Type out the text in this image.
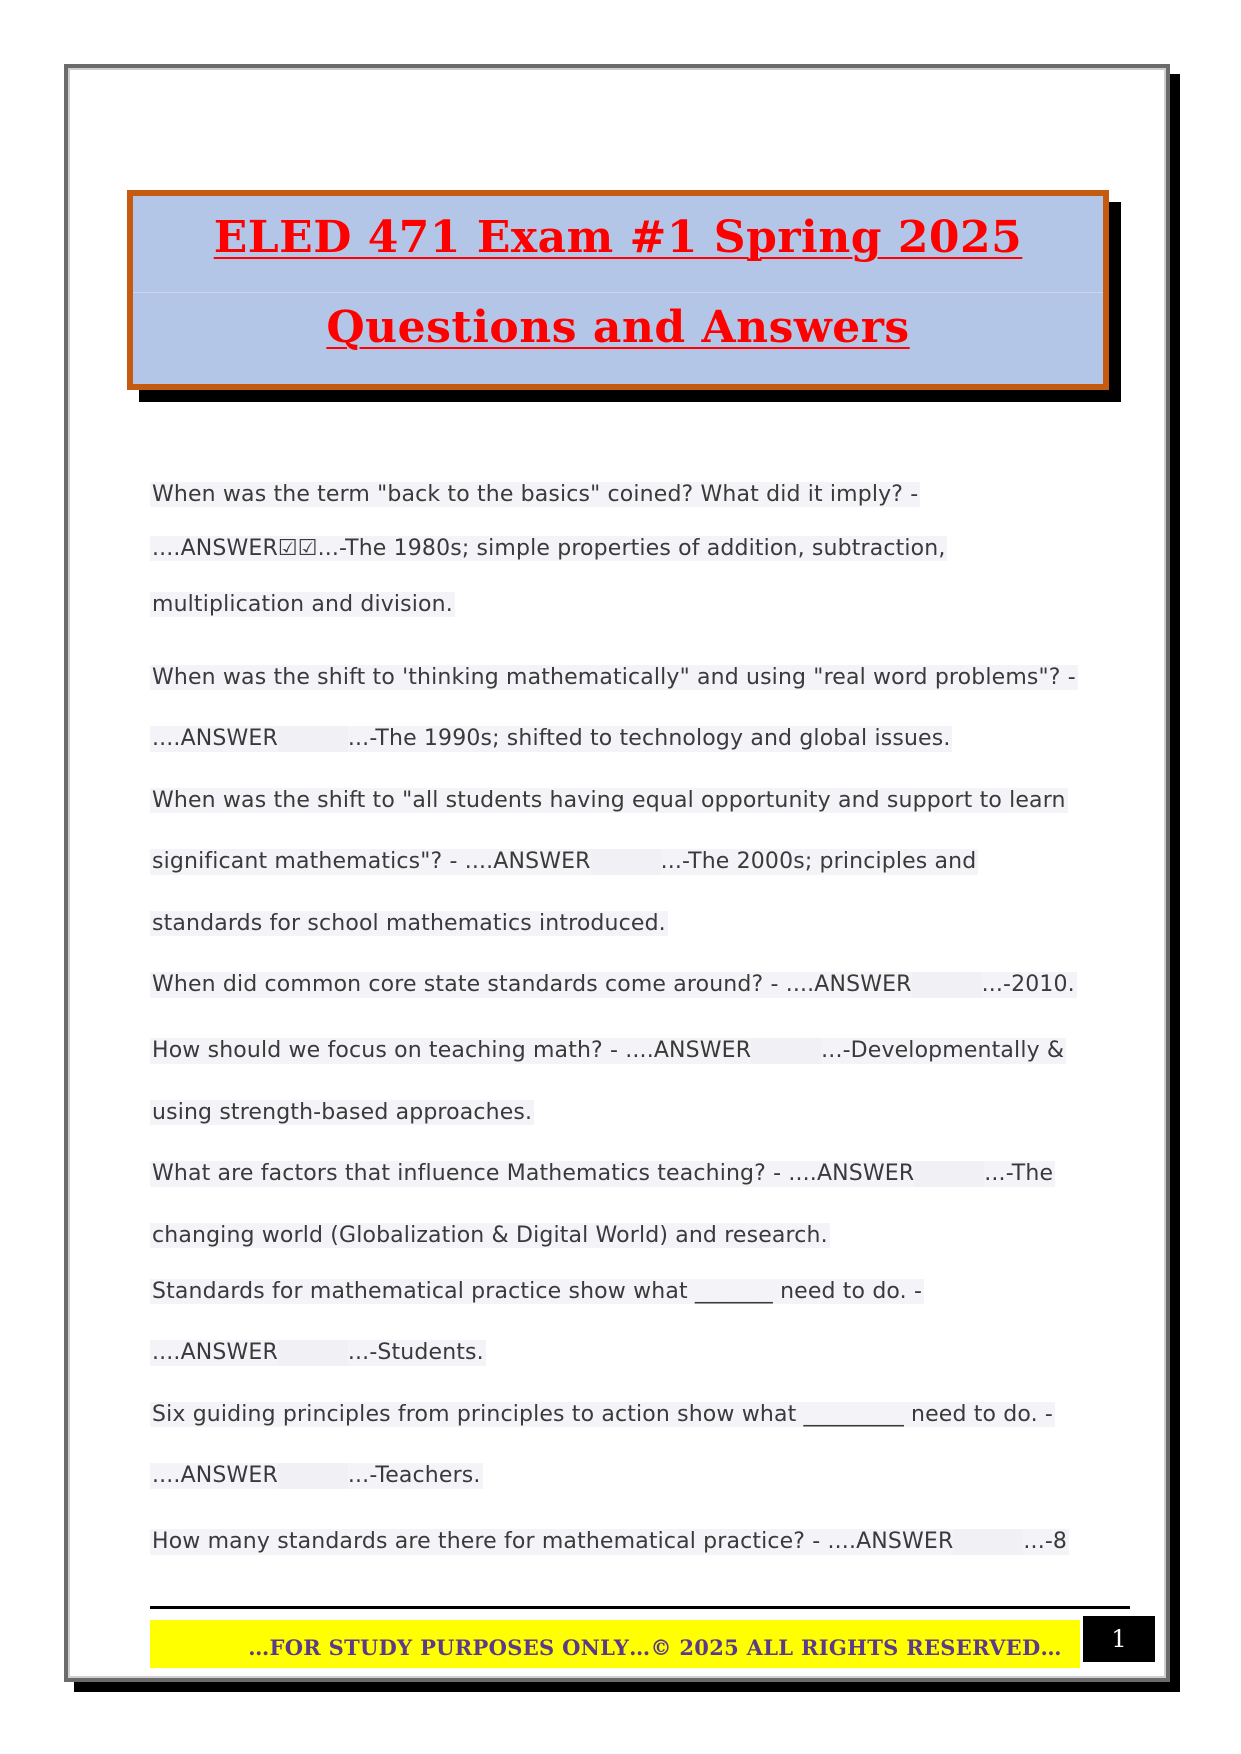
ELED 471 Exam #1 Spring 2025
Questions and Answers
When was the term "back to the basics" coined? What did it imply? -
....ANSWER☑☑...-The 1980s; simple properties of addition, subtraction,
multiplication and division.
When was the shift to 'thinking mathematically" and using "real word problems"? -
....ANSWER	...-The 1990s; shifted to technology and global issues.
When was the shift to "all students having equal opportunity and support to learn
significant mathematics"? - ....ANSWER	...-The 2000s; principles and
standards for school mathematics introduced.
When did common core state standards come around? - ....ANSWER	...-2010.
How should we focus on teaching math? - ....ANSWER	...-Developmentally &
using strength-based approaches.
What are factors that influence Mathematics teaching? - ....ANSWER	...-The
changing world (Globalization & Digital World) and research.
Standards for mathematical practice show what _______ need to do. -
....ANSWER	...-Students.
Six guiding principles from principles to action show what _________ need to do. -
....ANSWER	...-Teachers.
How many standards are there for mathematical practice? - ....ANSWER	...-8
…FOR STUDY PURPOSES ONLY…© 2025 ALL RIGHTS RESERVED…	1
